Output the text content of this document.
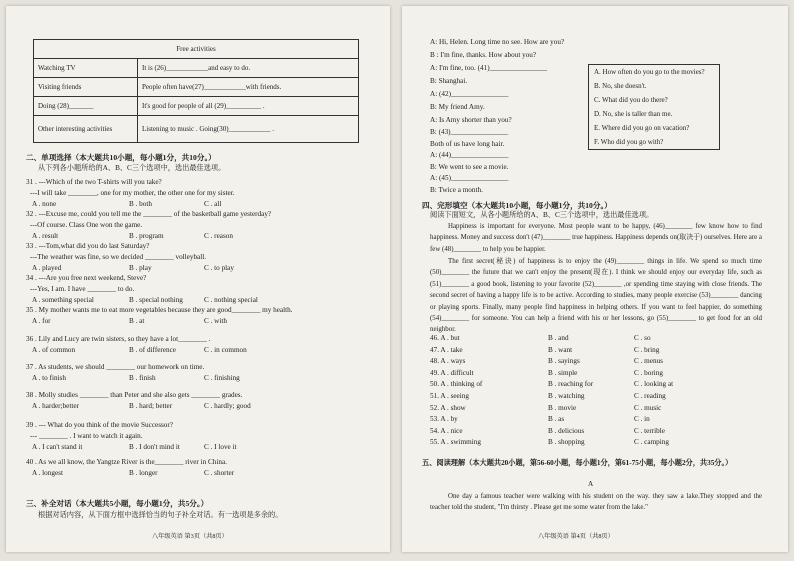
Free activities	
Watching TV	It is (26)____________and easy to do.
Visiting friends	People often have(27)____________with friends.
Doing (28)_______	It's good for people of all (29)__________ .
Other interesting activities	Listening to music . Going(30)____________ .
二、单项选择（本大题共10小题，每小题1分，共10分。）
从下列各小题所给的A、B、C三个选项中，选出最佳选项。
31 . ---Which of the two T-shirts will you take?
---I will take ________, one for my mother, the other one for my sister.
A . none	B . both	C . all
32 . ---Excuse me, could you tell me the ________ of the basketball game yesterday?
---Of course. Class One won the game.
A . result	B . program	C . reason
33 . ---Tom,what did you do last Saturday?
---The weather was fine, so we decided ________ volleyball.
A . played	B . play	C . to play
34 . ---Are you free next weekend, Steve?
---Yes, I am. I have ________ to do.
A . something special	B . special nothing	C . nothing special
35 . My mother wants me to eat more vegetables because they are good________ my health.
A . for	B . at	C . with
36 . Lily and Lucy are twin sisters, so they have a lot________ .
A . of common	B . of difference	C . in common
37 . As students, we should ________ our homework on time.
A . to finish	B . finish	C . finishing
38 . Molly studies ________ than Peter and she also gets ________ grades.
A . harder;better	B . hard; better	C . hardly; good
39 . --- What do you think of the movie Successor?
--- ________ . I want to watch it again.
A . I can't stand it	B . I don't mind it	C . I love it
40 . As we all know, the Yangtze River is the________ river in China.
A . longest	B . longer	C . shorter
三、补全对话（本大题共5小题，每小题1分，共5分。）
根据对话内容，从下面方框中选择恰当的句子补全对话。有一选项是多余的。
八年级英语 第3页（共8页）
A: Hi, Helen. Long time no see. How are you?
B : I'm fine, thanks. How about you?
A: I'm fine, too. (41)________________
B: Shanghai.
A: (42)________________
B: My friend Amy.
A: Is Amy shorter than you?
B: (43)________________
Both of us have long hair.
A: (44)________________
B: We went to see a movie.
A: (45)________________
B: Twice a month.
A. How often do you go to the movies?
B. No, she doesn't.
C. What did you do there?
D. No, she is taller than me.
E. Where did you go on vacation?
F. Who did you go with?
四、完形填空（本大题共10小题，每小题1分，共10分。）
阅读下面短文，从各小题所给的A、B、C三个选项中，选出最佳选项。
Happiness is important for everyone. Most people want to be happy, (46)________ few know how to find happiness. Money and success don't (47)________ true happiness. Happiness depends on(取决于) ourselves. Here are a few (48)________ to help you be happier.
The first secret(秘诀) of happiness is to enjoy the (49)________ things in life. We spend so much time (50)________ the future that we can't enjoy the present(现在). I think we should enjoy our everyday life, such as (51)________ a good book, listening to your favorite (52)________ ,or spending time staying with close friends. The second secret of having a happy life is to be active. According to studies, many people exercise (53)________ dancing or playing sports. Finally, many people find happiness in helping others. If you want to feel happier, do something (54)________ for someone. You can help a friend with his or her lessons, go (55)________ to get food for an old neighbor.
46. A . but	B . and	C . so
47. A . take	B . want	C . bring
48. A . ways	B . sayings	C . menus
49. A . difficult	B . simple	C . boring
50. A . thinking of	B . reaching for	C . looking at
51. A . seeing	B . watching	C . reading
52. A . show	B . movie	C . music
53. A . by	B . as	C . in
54. A . nice	B . delicious	C . terrible
55. A . swimming	B . shopping	C . camping
五、阅读理解（本大题共20小题，第56-60小题，每小题1分，第61-75小题，每小题2分，共35分。）
A
One day a famous teacher were walking with his student on the way. they saw a lake.They stopped and the teacher told the student, "I'm thirsty . Please get me some water from the lake."
八年级英语 第4页（共8页）
